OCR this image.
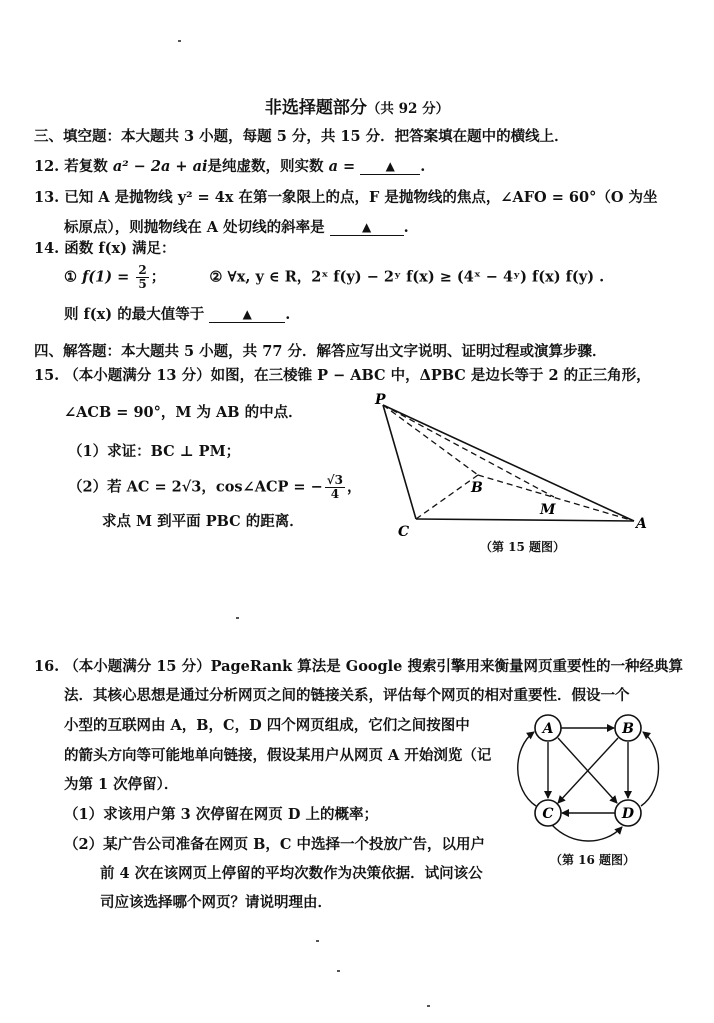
非选择题部分（共 92 分）
三、填空题：本大题共 3 小题，每题 5 分，共 15 分．把答案填在题中的横线上．
12. 若复数 a² − 2a + ai是纯虚数，则实数 a =	▲ .
13. 已知 A 是抛物线 y² = 4x 在第一象限上的点，F 是抛物线的焦点，∠AFO = 60°（O 为坐
标原点），则抛物线在 A 处切线的斜率是	▲ .
14. 函数 f(x) 满足：
① $f(1) = \frac{2}{5}$ ；	② ∀x, y ∈ R，2ˣ f(y) − 2ʸ f(x) ≥ (4ˣ − 4ʸ) f(x) f(y) .
则 f(x) 的最大值等于	▲ .
四、解答题：本大题共 5 小题，共 77 分．解答应写出文字说明、证明过程或演算步骤．
15. （本小题满分 13 分）如图，在三棱锥 P − ABC 中，ΔPBC 是边长等于 2 的正三角形，
∠ACB = 90°，M 为 AB 的中点．
（1）求证：BC ⊥ PM；
（2）若 AC = 2√3，cos∠ACP = − $\frac{√3}{4}$ ，
求点 M 到平面 PBC 的距离．
P
B
M
C	A
（第 15 题图）
16. （本小题满分 15 分）PageRank 算法是 Google 搜索引擎用来衡量网页重要性的一种经典算
法．其核心思想是通过分析网页之间的链接关系，评估每个网页的相对重要性．假设一个
小型的互联网由 A，B，C，D 四个网页组成，它们之间按图中
的箭头方向等可能地单向链接，假设某用户从网页 A 开始浏览（记
为第 1 次停留）．
（1）求该用户第 3 次停留在网页 D 上的概率；
（2）某广告公司准备在网页 B，C 中选择一个投放广告，以用户
前 4 次在该网页上停留的平均次数作为决策依据．试问该公
司应该选择哪个网页？请说明理由．
A	B
C	D
（第 16 题图）
